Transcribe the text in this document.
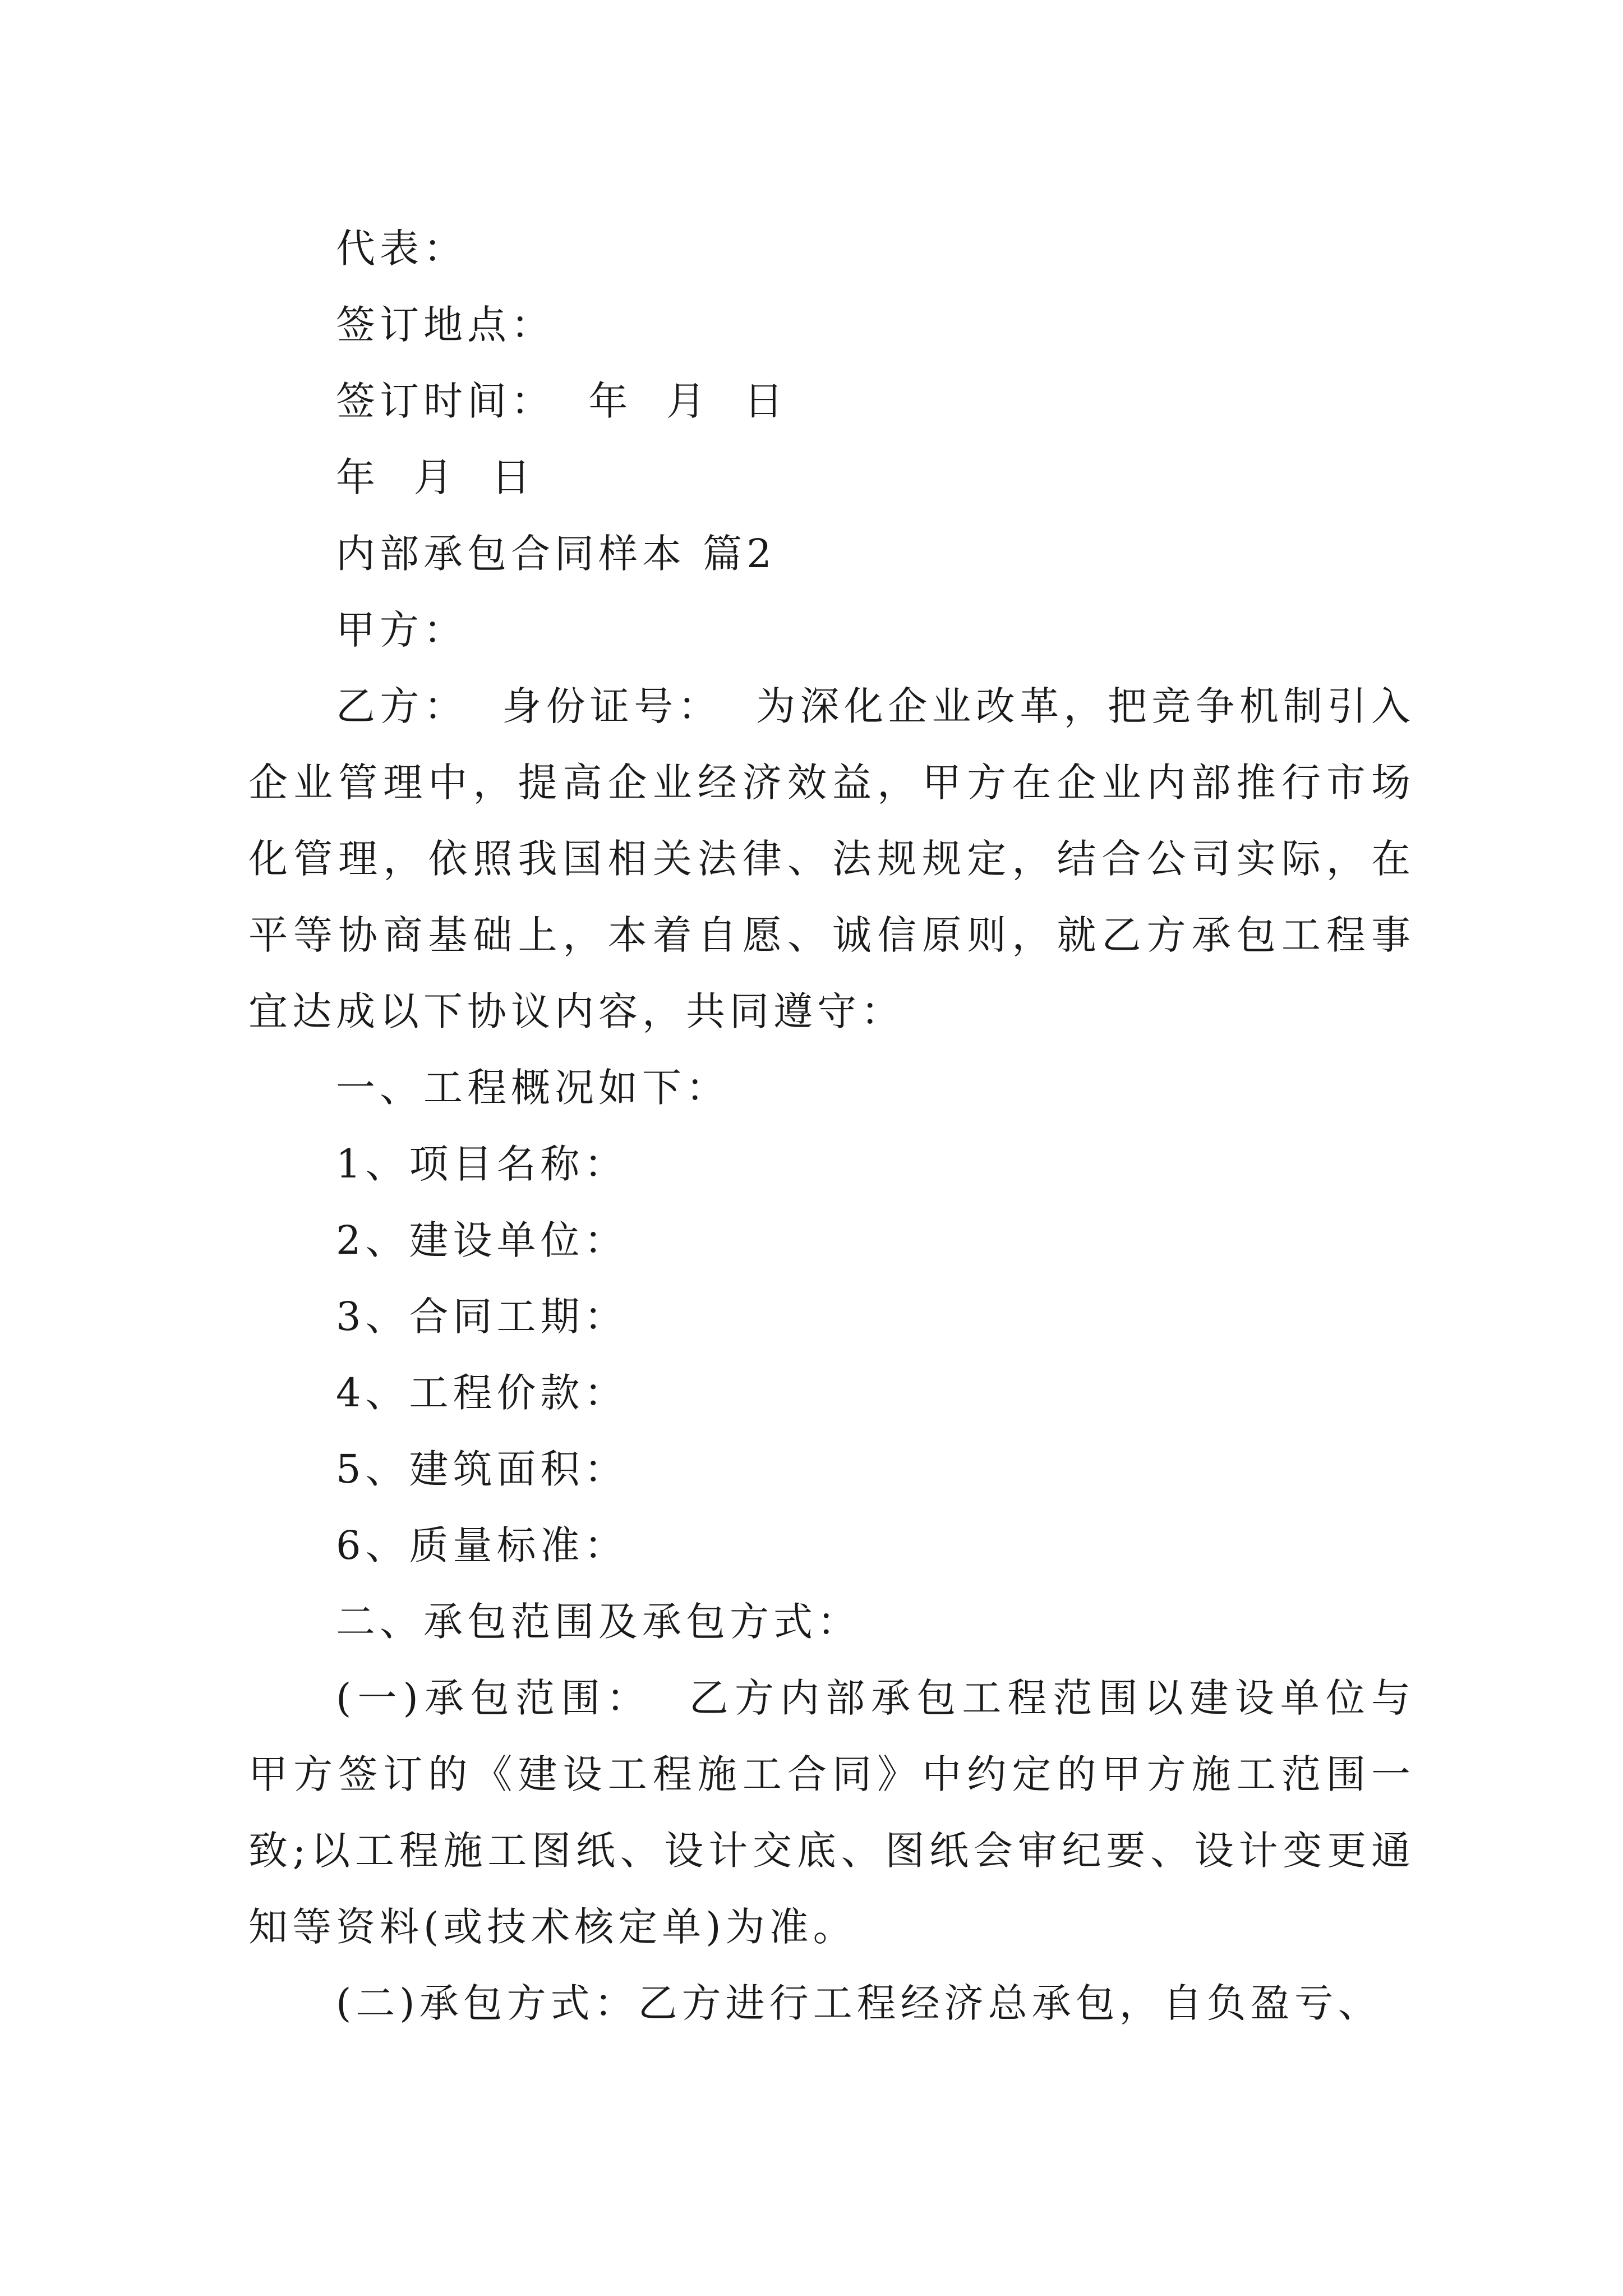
代表：

签订地点：

签订时间：  年  月  日

年  月  日

内部承包合同样本 篇2

甲方：

乙方：  身份证号：  为深化企业改革，把竞争机制引入企业管理中，提高企业经济效益，甲方在企业内部推行市场化管理，依照我国相关法律、法规规定，结合公司实际，在平等协商基础上，本着自愿、诚信原则，就乙方承包工程事宜达成以下协议内容，共同遵守：

一、工程概况如下：

1、项目名称：

2、建设单位：

3、合同工期：

4、工程价款：

5、建筑面积：

6、质量标准：

二、承包范围及承包方式：

(一)承包范围：  乙方内部承包工程范围以建设单位与甲方签订的《建设工程施工合同》中约定的甲方施工范围一致;以工程施工图纸、设计交底、图纸会审纪要、设计变更通知等资料(或技术核定单)为准。

(二)承包方式：乙方进行工程经济总承包，自负盈亏、
